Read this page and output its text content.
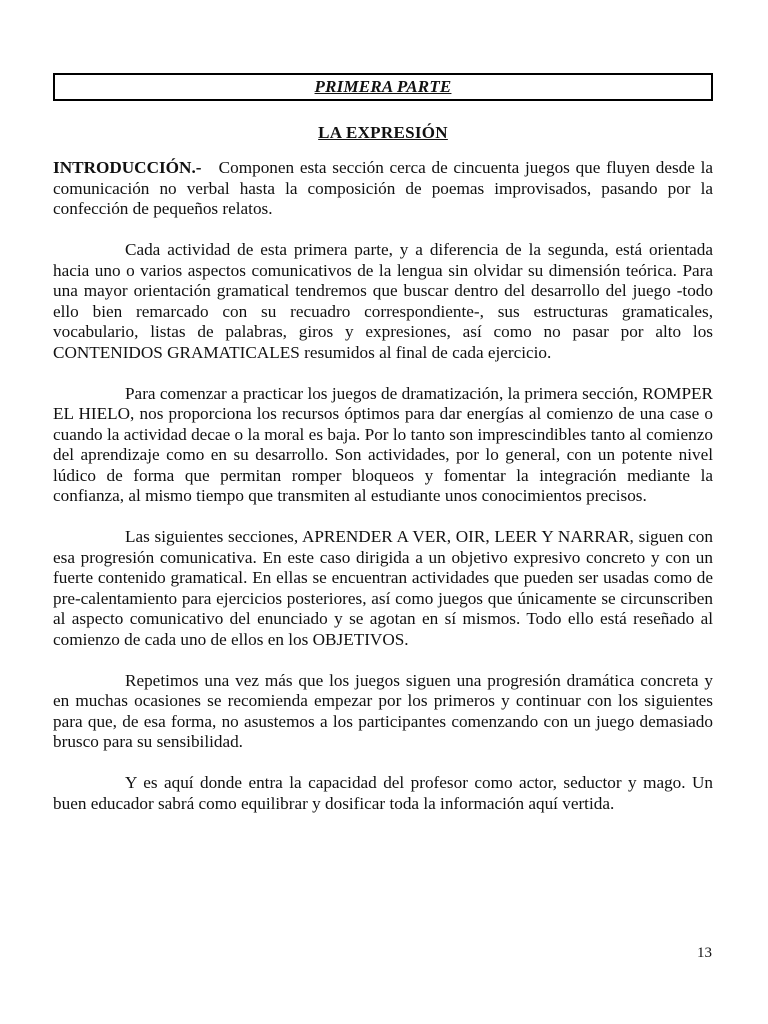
PRIMERA PARTE
LA EXPRESIÓN

INTRODUCCIÓN.- Componen esta sección cerca de cincuenta juegos que fluyen desde la comunicación no verbal hasta la composición de poemas improvisados, pasando por la confección de pequeños relatos.

Cada actividad de esta primera parte, y a diferencia de la segunda, está orientada hacia uno o varios aspectos comunicativos de la lengua sin olvidar su dimensión teórica. Para una mayor orientación gramatical tendremos que buscar dentro del desarrollo del juego -todo ello bien remarcado con su recuadro correspondiente-, sus estructuras gramaticales, vocabulario, listas de palabras, giros y expresiones, así como no pasar por alto los CONTENIDOS GRAMATICALES resumidos al final de cada ejercicio.

Para comenzar a practicar los juegos de dramatización, la primera sección, ROMPER EL HIELO, nos proporciona los recursos óptimos para dar energías al comienzo de una case o cuando la actividad decae o la moral es baja. Por lo tanto son imprescindibles tanto al comienzo del aprendizaje como en su desarrollo. Son actividades, por lo general, con un potente nivel lúdico de forma que permitan romper bloqueos y fomentar la integración mediante la confianza, al mismo tiempo que transmiten al estudiante unos conocimientos precisos.

Las siguientes secciones, APRENDER A VER, OIR, LEER Y NARRAR, siguen con esa progresión comunicativa. En este caso dirigida a un objetivo expresivo concreto y con un fuerte contenido gramatical. En ellas se encuentran actividades que pueden ser usadas como de pre-calentamiento para ejercicios posteriores, así como juegos que únicamente se circunscriben al aspecto comunicativo del enunciado y se agotan en sí mismos. Todo ello está reseñado al comienzo de cada uno de ellos en los OBJETIVOS.

Repetimos una vez más que los juegos siguen una progresión dramática concreta y en muchas ocasiones se recomienda empezar por los primeros y continuar con los siguientes para que, de esa forma, no asustemos a los participantes comenzando con un juego demasiado brusco para su sensibilidad.

Y es aquí donde entra la capacidad del profesor como actor, seductor y mago. Un buen educador sabrá como equilibrar y dosificar toda la información aquí vertida.

13
